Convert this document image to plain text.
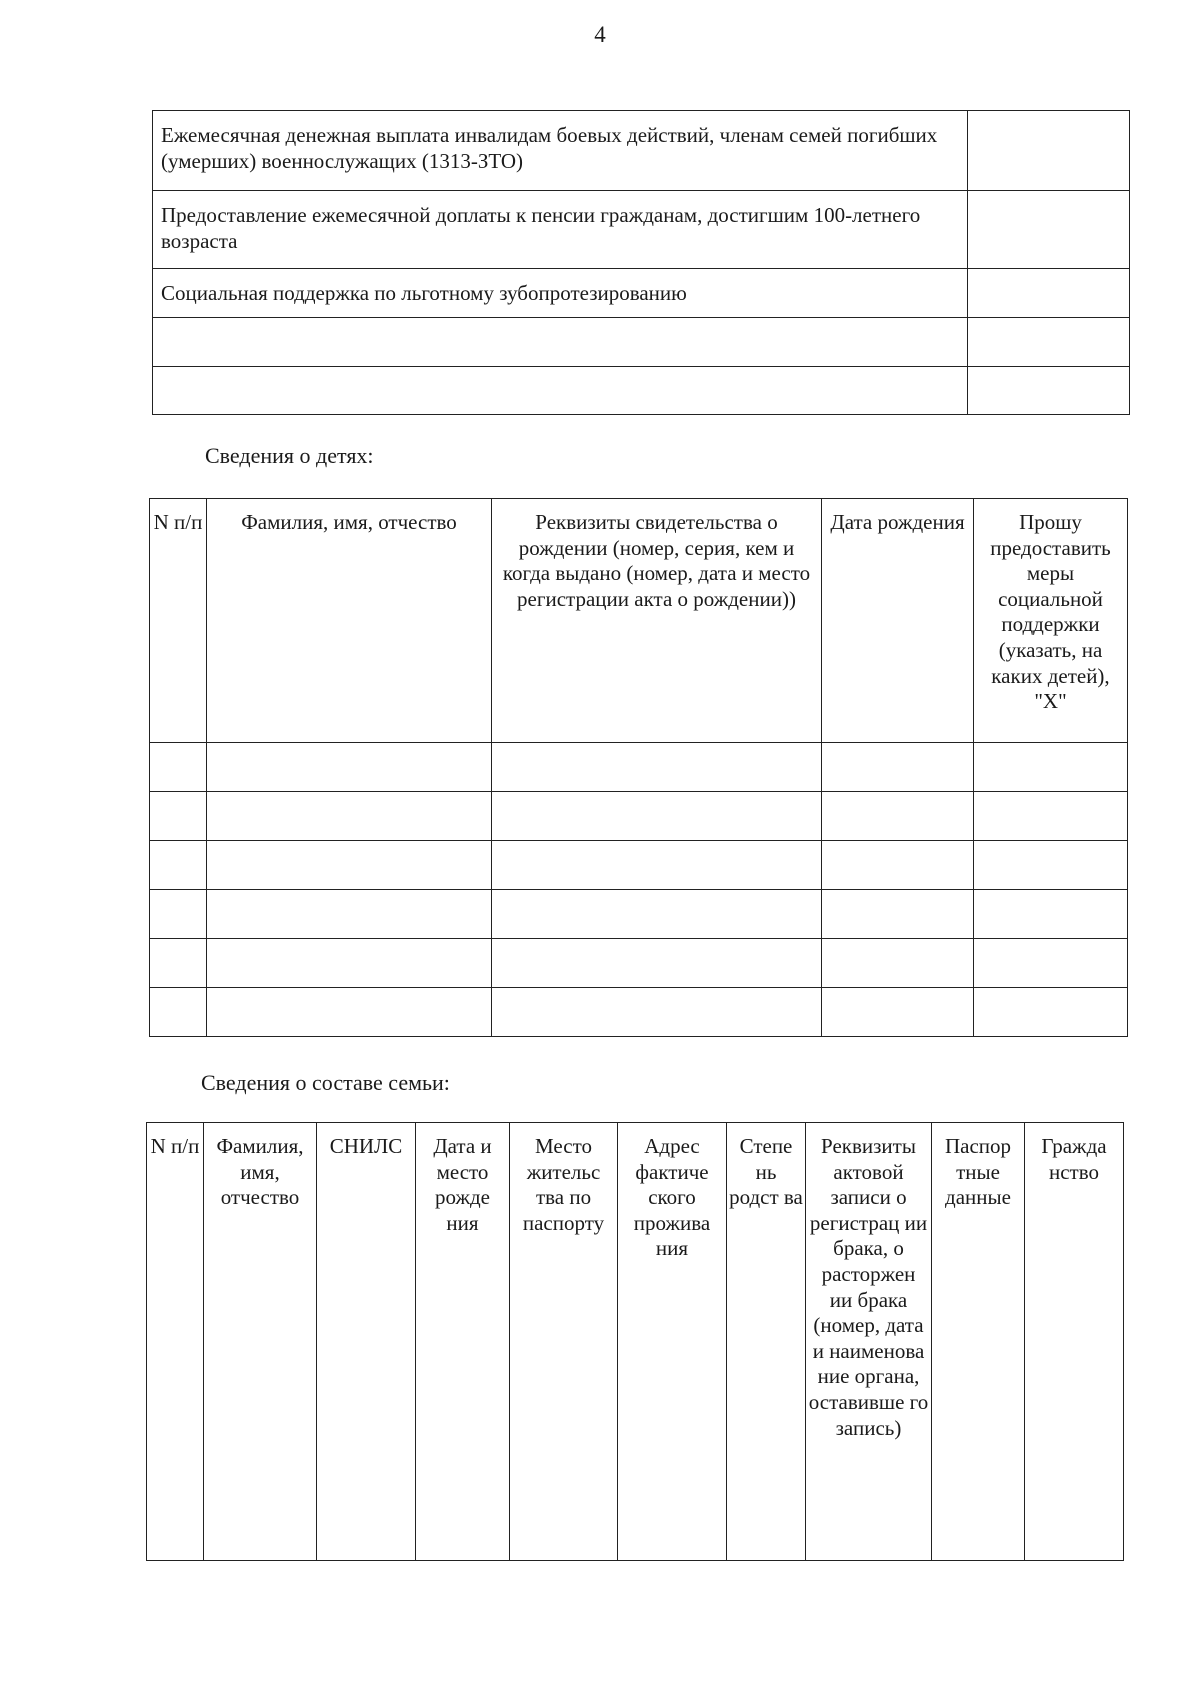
4
Ежемесячная денежная выплата инвалидам боевых действий, членам семей погибших (умерших) военнослужащих (1313-ЗТО)	
Предоставление ежемесячной доплаты к пенсии гражданам, достигшим 100-летнего возраста	
Социальная поддержка по льготному зубопротезированию	

Сведения о детях:
N п/п	Фамилия, имя, отчество	Реквизиты свидетельства о рождении (номер, серия, кем и когда выдано (номер, дата и место регистрации акта о рождении))	Дата рождения	Прошу предоставить меры социальной поддержки (указать, на каких детей), "X"

Сведения о составе семьи:
N п/п	Фамилия, имя, отчество	СНИЛС	Дата и место рожде ния	Место жительс тва по паспорту	Адрес фактиче ского прожива ния	Степе нь родст ва	Реквизиты актовой записи о регистрац ии брака, о расторжен ии брака (номер, дата и наименова ние органа, оставивше го запись)	Паспор тные данные	Гражда нство
